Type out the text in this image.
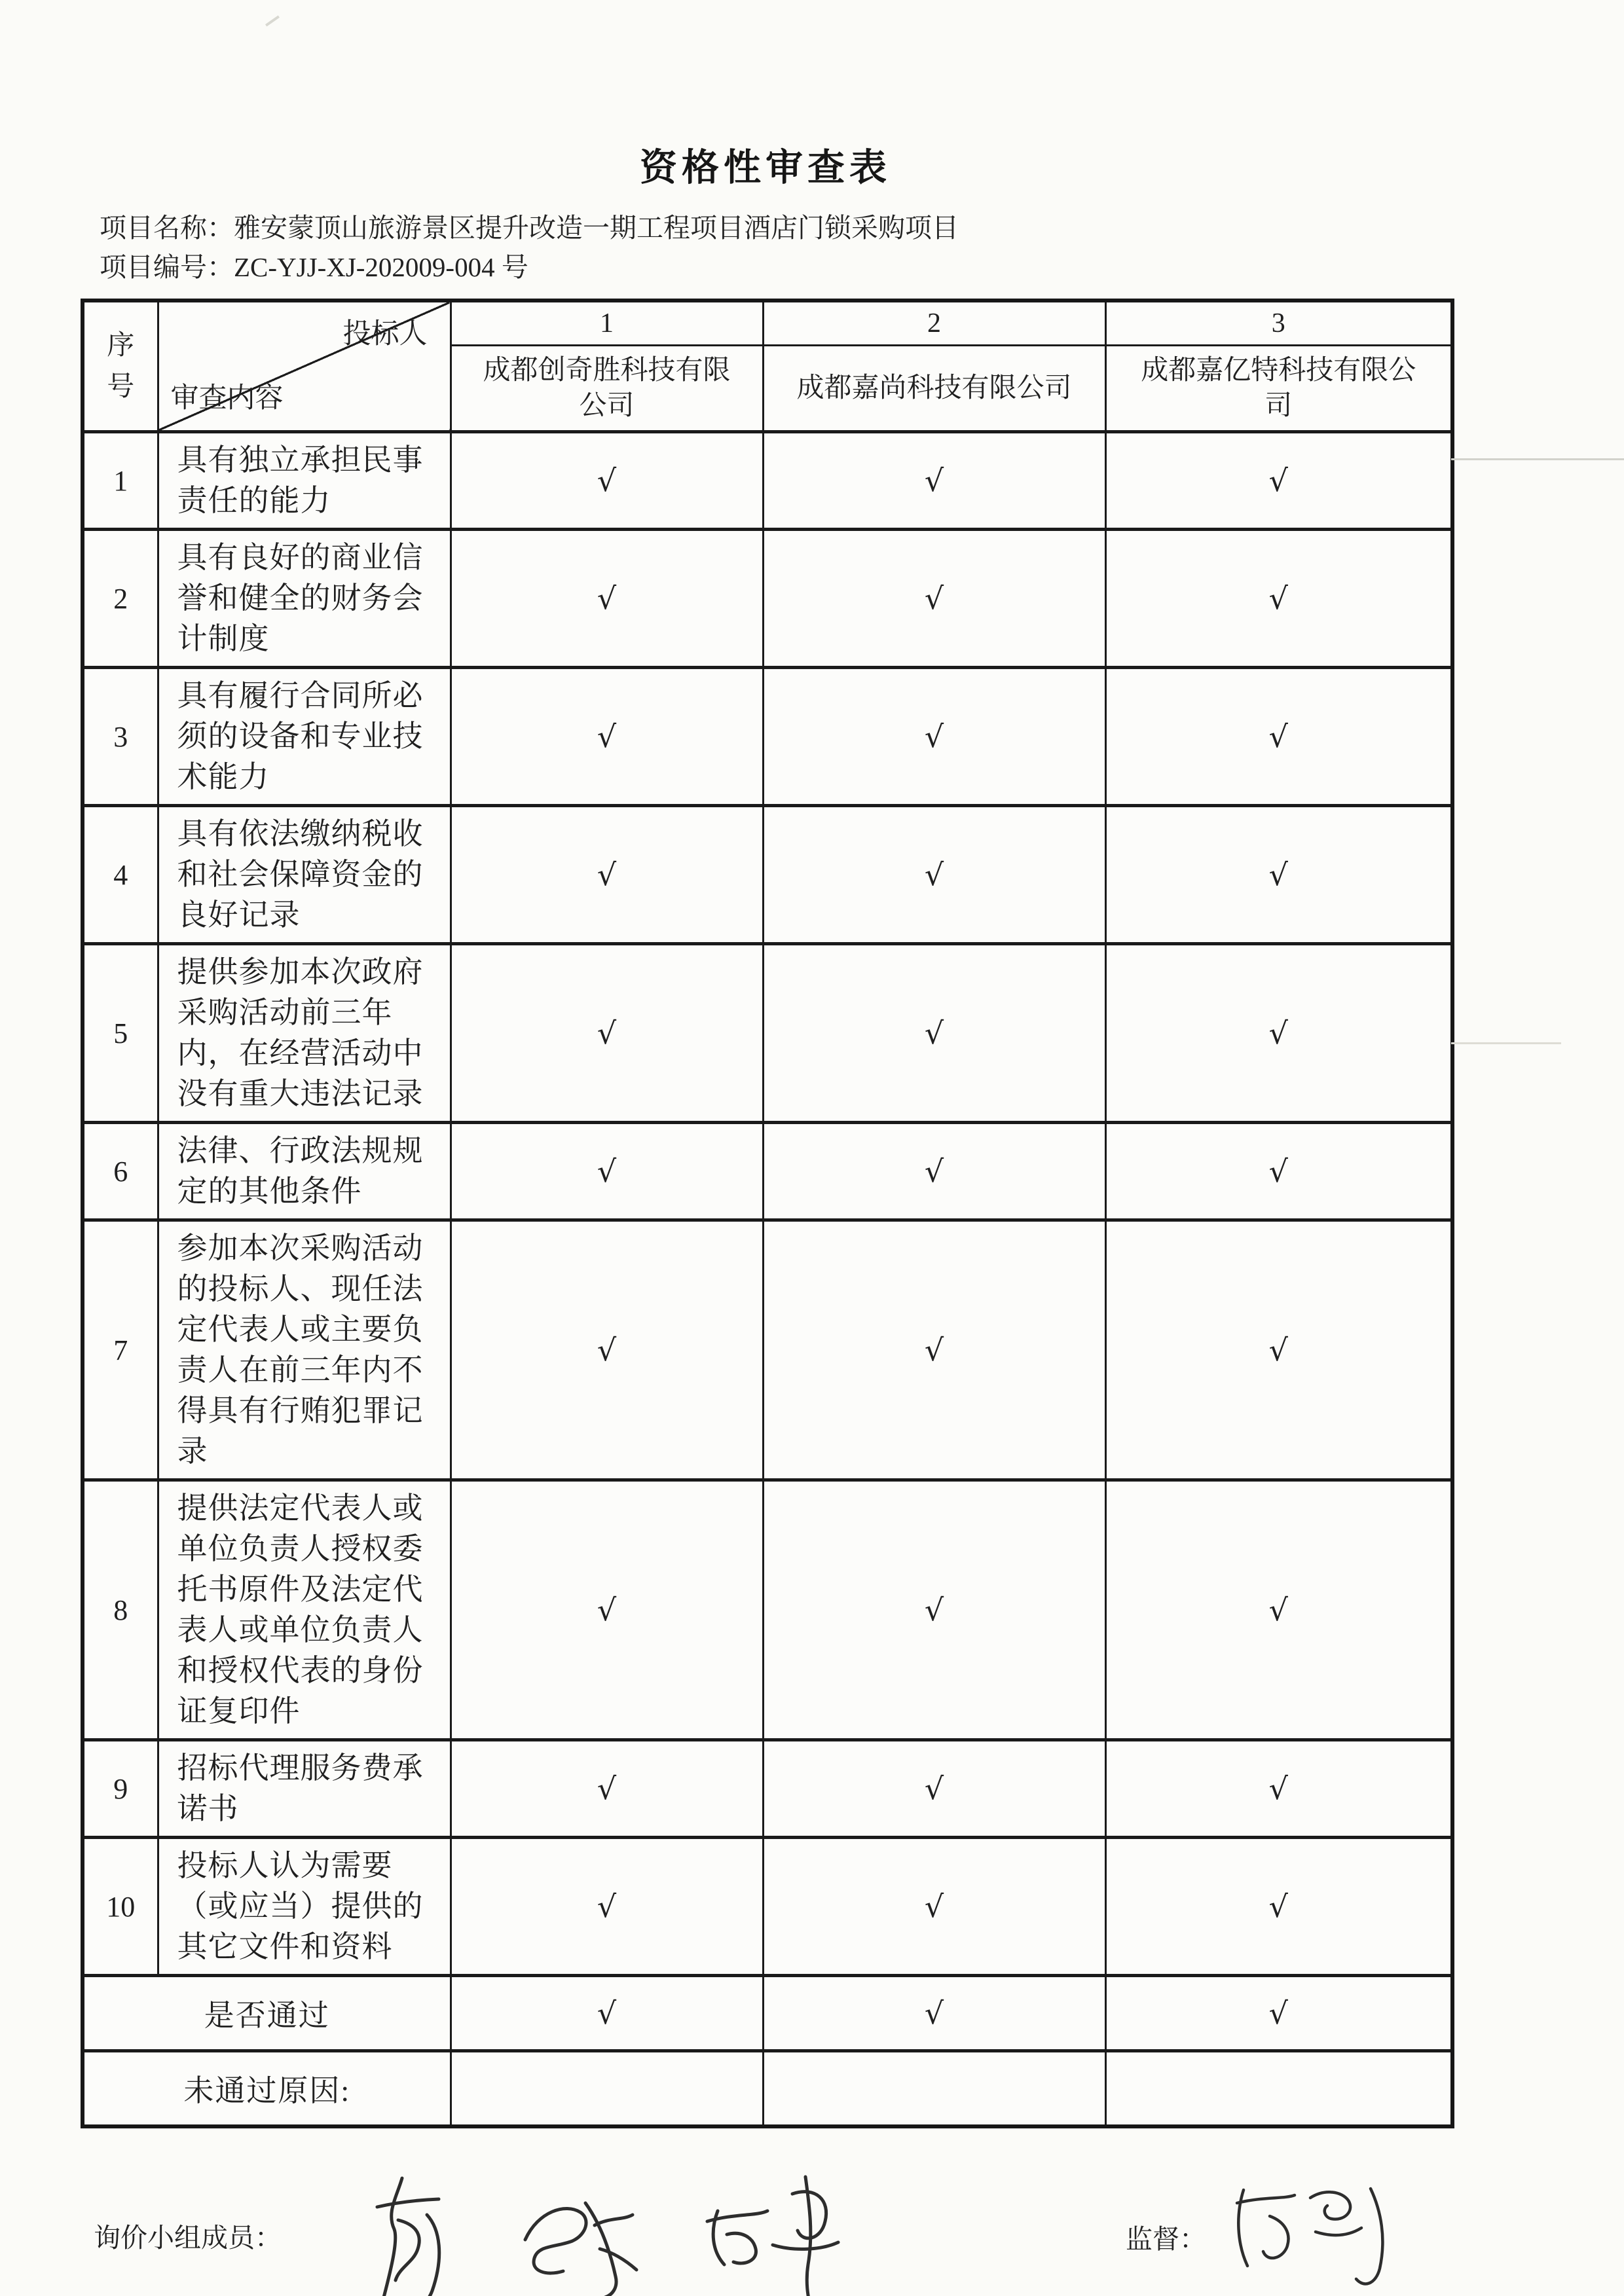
资格性审查表
项目名称：雅安蒙顶山旅游景区提升改造一期工程项目酒店门锁采购项目
项目编号：ZC-YJJ-XJ-202009-004 号
序号	投标人
审查内容	1	2	3
		成都创奇胜科技有限公司	成都嘉尚科技有限公司	成都嘉亿特科技有限公司
1	具有独立承担民事责任的能力	√	√	√
2	具有良好的商业信誉和健全的财务会计制度	√	√	√
3	具有履行合同所必须的设备和专业技术能力	√	√	√
4	具有依法缴纳税收和社会保障资金的良好记录	√	√	√
5	提供参加本次政府采购活动前三年内，在经营活动中没有重大违法记录	√	√	√
6	法律、行政法规规定的其他条件	√	√	√
7	参加本次采购活动的投标人、现任法定代表人或主要负责人在前三年内不得具有行贿犯罪记录	√	√	√
8	提供法定代表人或单位负责人授权委托书原件及法定代表人或单位负责人和授权代表的身份证复印件	√	√	√
9	招标代理服务费承诺书	√	√	√
10	投标人认为需要（或应当）提供的其它文件和资料	√	√	√
是否通过		√	√	√
未通过原因:				
询价小组成员：	监督：
